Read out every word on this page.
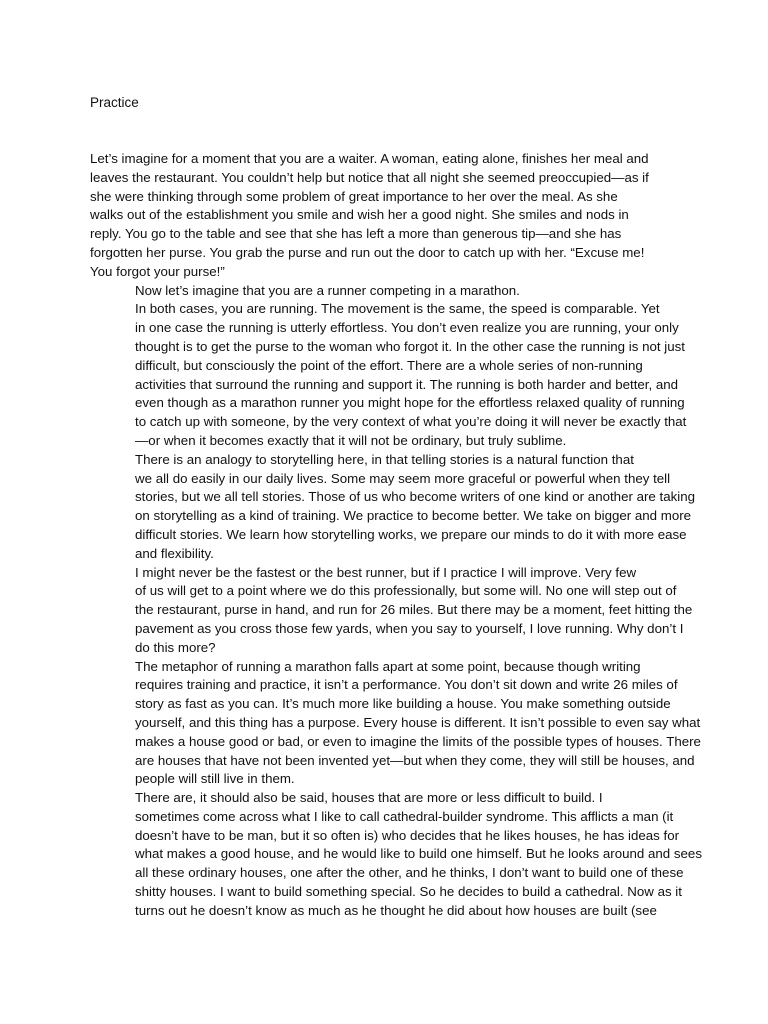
Practice
Let’s imagine for a moment that you are a waiter. A woman, eating alone, finishes her meal and
leaves the restaurant. You couldn’t help but notice that all night she seemed preoccupied—as if
she were thinking through some problem of great importance to her over the meal. As she
walks out of the establishment you smile and wish her a good night. She smiles and nods in
reply. You go to the table and see that she has left a more than generous tip—and she has
forgotten her purse. You grab the purse and run out the door to catch up with her. “Excuse me!
You forgot your purse!”
Now let’s imagine that you are a runner competing in a marathon.
In both cases, you are running. The movement is the same, the speed is comparable. Yet
in one case the running is utterly effortless. You don’t even realize you are running, your only
thought is to get the purse to the woman who forgot it. In the other case the running is not just
difficult, but consciously the point of the effort. There are a whole series of non-running
activities that surround the running and support it. The running is both harder and better, and
even though as a marathon runner you might hope for the effortless relaxed quality of running
to catch up with someone, by the very context of what you’re doing it will never be exactly that
—or when it becomes exactly that it will not be ordinary, but truly sublime.
There is an analogy to storytelling here, in that telling stories is a natural function that
we all do easily in our daily lives. Some may seem more graceful or powerful when they tell
stories, but we all tell stories. Those of us who become writers of one kind or another are taking
on storytelling as a kind of training. We practice to become better. We take on bigger and more
difficult stories. We learn how storytelling works, we prepare our minds to do it with more ease
and flexibility.
I might never be the fastest or the best runner, but if I practice I will improve. Very few
of us will get to a point where we do this professionally, but some will. No one will step out of
the restaurant, purse in hand, and run for 26 miles. But there may be a moment, feet hitting the
pavement as you cross those few yards, when you say to yourself, I love running. Why don’t I
do this more?
The metaphor of running a marathon falls apart at some point, because though writing
requires training and practice, it isn’t a performance. You don’t sit down and write 26 miles of
story as fast as you can. It’s much more like building a house. You make something outside
yourself, and this thing has a purpose. Every house is different. It isn’t possible to even say what
makes a house good or bad, or even to imagine the limits of the possible types of houses. There
are houses that have not been invented yet—but when they come, they will still be houses, and
people will still live in them.
There are, it should also be said, houses that are more or less difficult to build. I
sometimes come across what I like to call cathedral-builder syndrome. This afflicts a man (it
doesn’t have to be man, but it so often is) who decides that he likes houses, he has ideas for
what makes a good house, and he would like to build one himself. But he looks around and sees
all these ordinary houses, one after the other, and he thinks, I don’t want to build one of these
shitty houses. I want to build something special. So he decides to build a cathedral. Now as it
turns out he doesn’t know as much as he thought he did about how houses are built (see
